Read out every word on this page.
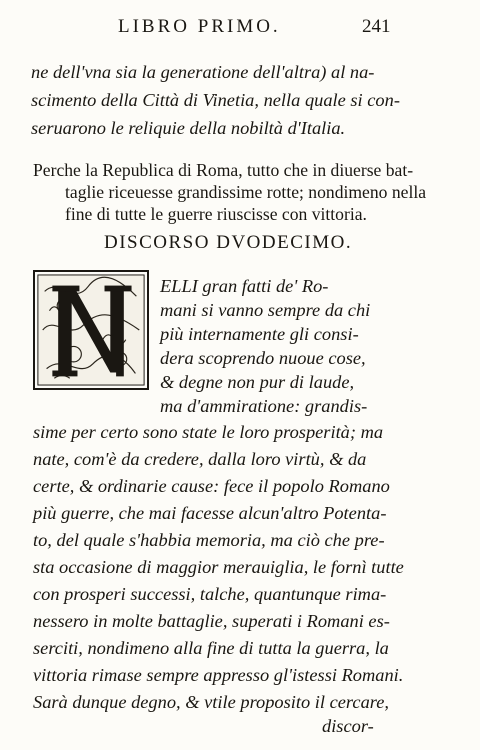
LIBRO PRIMO.	241
ne dell'vna sia la generatione dell'altra) al na-
scimento della Città di Vinetia, nella quale si con-
seruarono le reliquie della nobiltà d'Italia.
Perche la Republica di Roma, tutto che in diuerse bat-
taglie riceuesse grandissime rotte; nondimeno nella
fine di tutte le guerre riuscisse con vittoria.
DISCORSO DVODECIMO.
ELLI gran fatti de' Ro-
mani si vanno sempre da chi
più internamente gli consi-
dera scoprendo nuoue cose,
& degne non pur di laude,
ma d'ammiratione: grandis-
sime per certo sono state le loro prosperità; ma
nate, com'è da credere, dalla loro virtù, & da
certe, & ordinarie cause: fece il popolo Romano
più guerre, che mai facesse alcun'altro Potenta-
to, del quale s'habbia memoria, ma ciò che pre-
sta occasione di maggior merauiglia, le fornì tutte
con prosperi successi, talche, quantunque rima-
nessero in molte battaglie, superati i Romani es-
serciti, nondimeno alla fine di tutta la guerra, la
vittoria rimase sempre appresso gl'istessi Romani.
Sarà dunque degno, & vtile proposito il cercare,
discor-
